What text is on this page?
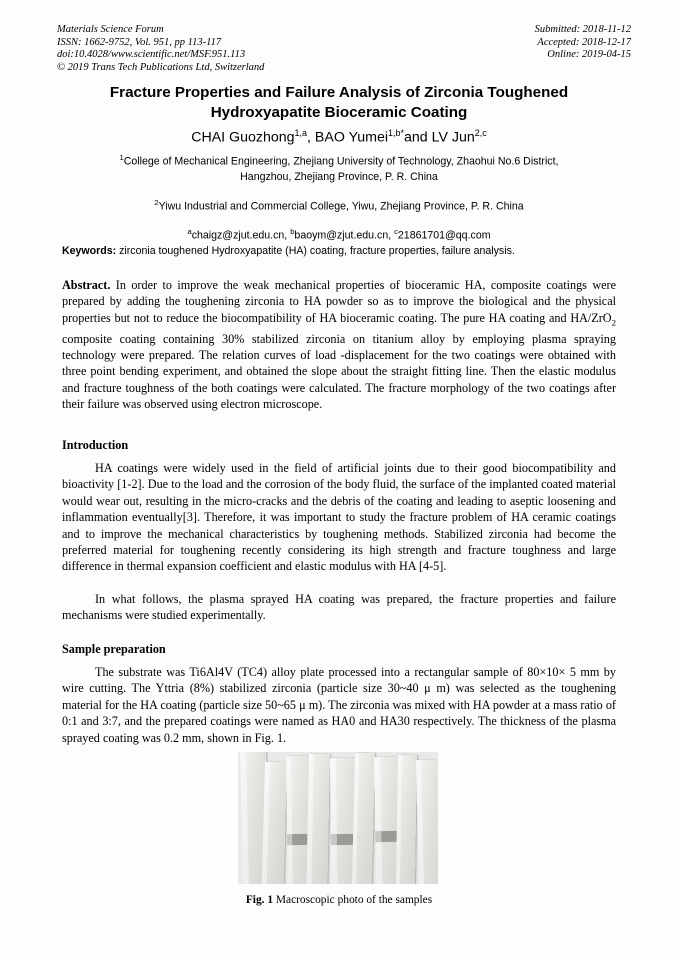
Materials Science Forum
ISSN: 1662-9752, Vol. 951, pp 113-117
doi:10.4028/www.scientific.net/MSF.951.113
© 2019 Trans Tech Publications Ltd, Switzerland
Submitted: 2018-11-12
Accepted: 2018-12-17
Online: 2019-04-15
Fracture Properties and Failure Analysis of Zirconia Toughened Hydroxyapatite Bioceramic Coating
CHAI Guozhong$^{1,a}$, BAO Yumei$^{1,b*}$and LV Jun$^{2,c}$
$^1$College of Mechanical Engineering, Zhejiang University of Technology, Zhaohui No.6 District,
Hangzhou, Zhejiang Province, P. R. China
$^2$Yiwu Industrial and Commercial College, Yiwu, Zhejiang Province, P. R. China
$^a$chaigz@zjut.edu.cn, $^b$baoym@zjut.edu.cn, $^c$21861701@qq.com
Keywords: zirconia toughened Hydroxyapatite (HA) coating, fracture properties, failure analysis.
Abstract. In order to improve the weak mechanical properties of bioceramic HA, composite coatings were prepared by adding the toughening zirconia to HA powder so as to improve the biological and the physical properties but not to reduce the biocompatibility of HA bioceramic coating. The pure HA coating and HA/ZrO$_2$ composite coating containing 30% stabilized zirconia on titanium alloy by employing plasma spraying technology were prepared. The relation curves of load -displacement for the two coatings were obtained with three point bending experiment, and obtained the slope about the straight fitting line. Then the elastic modulus and fracture toughness of the both coatings were calculated. The fracture morphology of the two coatings after their failure was observed using electron microscope.
Introduction
HA coatings were widely used in the field of artificial joints due to their good biocompatibility and bioactivity [1-2]. Due to the load and the corrosion of the body fluid, the surface of the implanted coated material would wear out, resulting in the micro-cracks and the debris of the coating and leading to aseptic loosening and inflammation eventually[3]. Therefore, it was important to study the fracture problem of HA ceramic coatings and to improve the mechanical characteristics by toughening methods. Stabilized zirconia had become the preferred material for toughening recently considering its high strength and fracture toughness and large difference in thermal expansion coefficient and elastic modulus with HA [4-5].
In what follows, the plasma sprayed HA coating was prepared, the fracture properties and failure mechanisms were studied experimentally.
Sample preparation
The substrate was Ti6Al4V (TC4) alloy plate processed into a rectangular sample of 80×10× 5 mm by wire cutting. The Yttria (8%) stabilized zirconia (particle size 30~40 μ m) was selected as the toughening material for the HA coating (particle size 50~65 μ m). The zirconia was mixed with HA powder at a mass ratio of 0:1 and 3:7, and the prepared coatings were named as HA0 and HA30 respectively. The thickness of the plasma sprayed coating was 0.2 mm, shown in Fig. 1.
Fig. 1 Macroscopic photo of the samples
